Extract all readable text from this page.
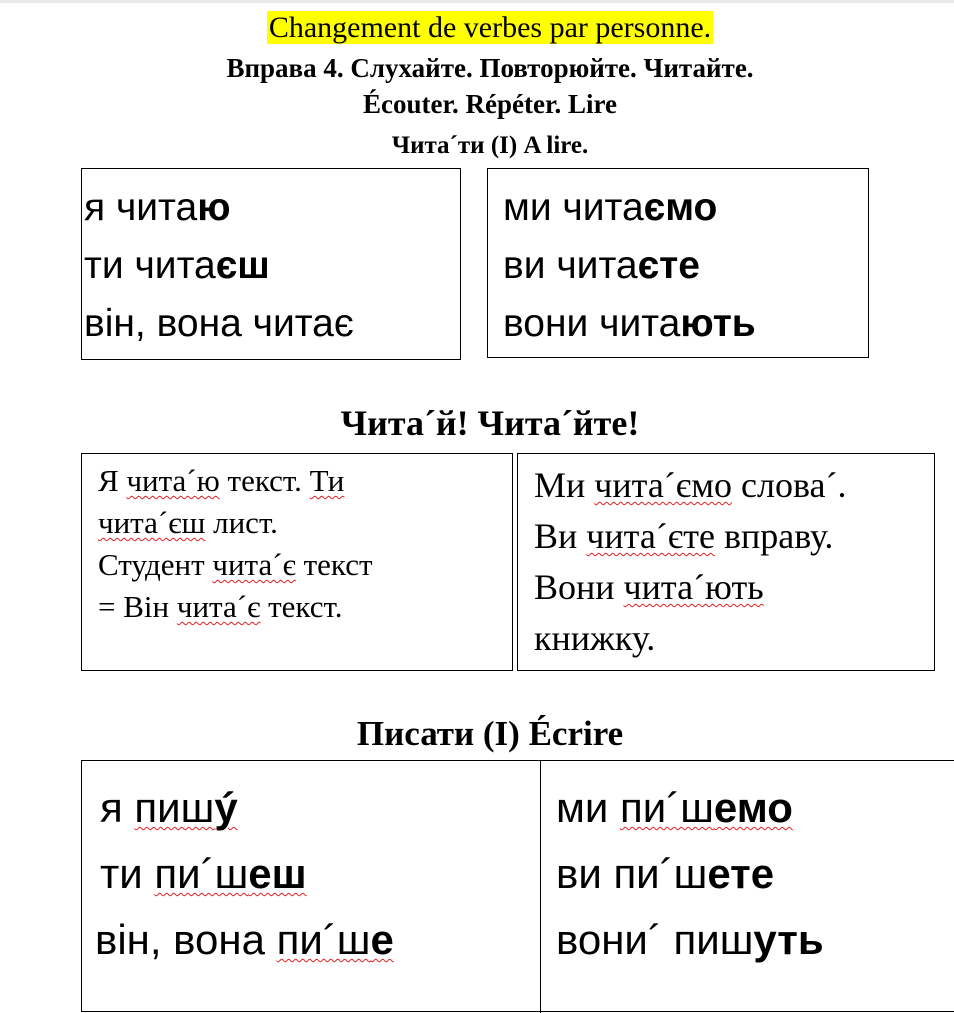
Changement de verbes par personne.
Вправа 4. Слухайте. Повторюйте. Читайте.
Écouter. Répéter. Lire
Чита´ти (I) A lire.
я читаю
ти читаєш
він, вона читає
ми читаємо
ви читаєте
вони читають
Чита´й! Чита´йте!
Я чита´ю текст. Ти
чита´єш лист.
Студент чита´є текст
= Він чита´є текст.
Ми чита´ємо слова´.
Ви чита´єте вправу.
Вони чита´ють
книжку.
Писати (I) Écrire
я пишý
ти пи´шеш
він, вона пи´ше
ми пи´шемо
ви пи´шете
вони´ пишуть
